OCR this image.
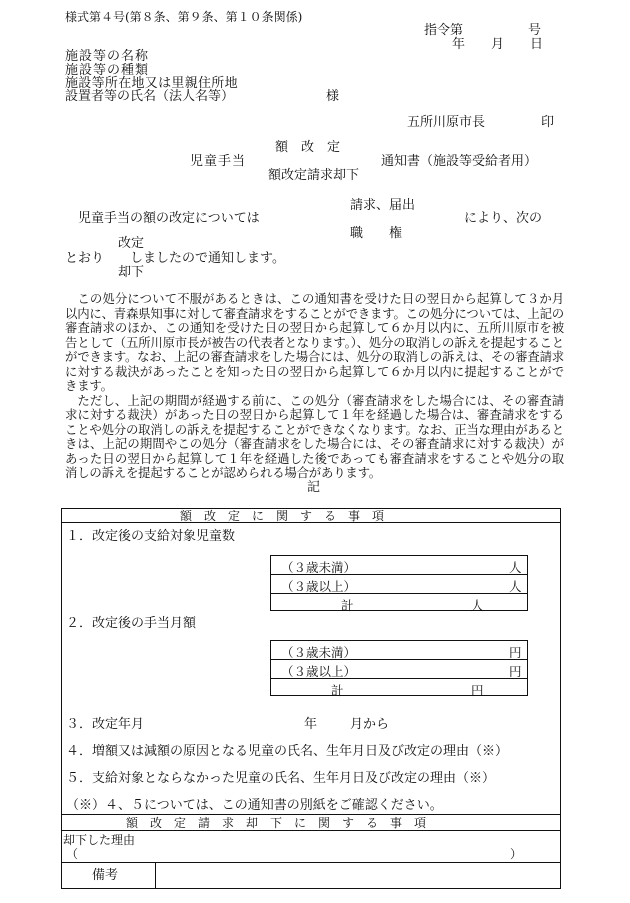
様式第４号(第８条、第９条、第１０条関係)
指令第　　　　　号
年　　月　　日
施設等の名称
施設等の種類
施設等所在地又は里親住所地
設置者等の氏名（法人名等）	様
五所川原市長	印
額　改　定
児童手当	通知書（施設等受給者用）
額改定請求却下
請求、届出
児童手当の額の改定については	により、次の
職　　権
改定
とおり しましたので通知します。
却下

この処分について不服があるときは、この通知書を受けた日の翌日から起算して３か月以内に、青森県知事に対して審査請求をすることができます。この処分については、上記の審査請求のほか、この通知を受けた日の翌日から起算して６か月以内に、五所川原市を被告として（五所川原市長が被告の代表者となります。）、処分の取消しの訴えを提起することができます。なお、上記の審査請求をした場合には、処分の取消しの訴えは、その審査請求に対する裁決があったことを知った日の翌日から起算して６か月以内に提起することができます。

ただし、上記の期間が経過する前に、この処分（審査請求をした場合には、その審査請求に対する裁決）があった日の翌日から起算して１年を経過した場合は、審査請求をすることや処分の取消しの訴えを提起することができなくなります。なお、正当な理由があるときは、上記の期間やこの処分（審査請求をした場合には、その審査請求に対する裁決）があった日の翌日から起算して１年を経過した後であっても審査請求をすることや処分の取消しの訴えを提起することが認められる場合があります。

記
額　改　定　に　関　す　る　事　項
１．改定後の支給対象児童数
（３歳未満）	人
（３歳以上）	人
計	人
２．改定後の手当月額
（３歳未満）	円
（３歳以上）	円
計	円
３．改定年月	年	月から
４．増額又は減額の原因となる児童の氏名、生年月日及び改定の理由（※）
５．支給対象とならなかった児童の氏名、生年月日及び改定の理由（※）
（※）４、５については、この通知書の別紙をご確認ください。
額　改　定　請　求　却　下　に　関　す　る　事　項
却下した理由
（	）
備考
